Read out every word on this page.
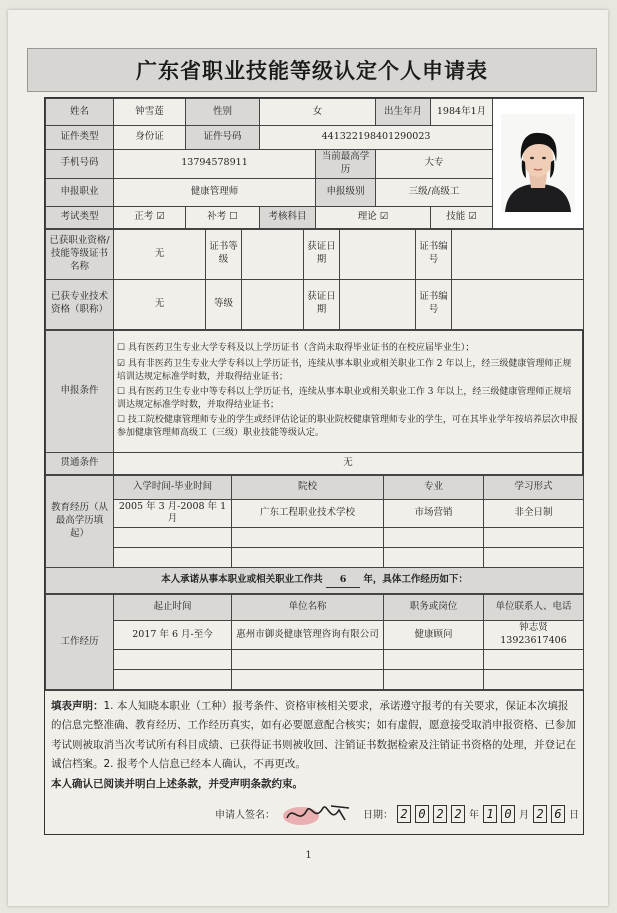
广东省职业技能等级认定个人申请表
姓名	钟雪莲	性别	女		出生年月	1984年1月	

证件类型	身份证	证件号码	441322198401290023				
手机号码	13794578911			当前最高学历	大专		
申报职业	健康管理师			申报级别	三级/高级工		
考试类型	正考 ☑	补考 ☐	考核科目	理论 ☑		技能 ☑	
已获职业资格/技能等级证书名称	无	证书等级		获证日期		证书编号	
已获专业技术资格（职称）	无	等级		获证日期		证书编号	
申报条件	☐ 具有医药卫生专业大学专科及以上学历证书（含尚未取得毕业证书的在校应届毕业生）；

☑ 具有非医药卫生专业大学专科以上学历证书，连续从事本职业或相关职业工作 2 年以上，经三级健康管理师正规培训达规定标准学时数，并取得结业证书；

☐ 具有医药卫生专业中等专科以上学历证书，连续从事本职业或相关职业工作 3 年以上，经三级健康管理师正规培训达规定标准学时数，并取得结业证书；

☐ 技工院校健康管理师专业的学生或经评估论证的职业院校健康管理师专业的学生，可在其毕业学年按培养层次申报参加健康管理师高级工（三级）职业技能等级认定。

贯通条件	无
教育经历（从最高学历填起）	入学时间-毕业时间	院校	专业	学习形式
	2005 年 3 月-2008 年 1 月	广东工程职业技术学校	市场营销	非全日制

本人承诺从事本职业或相关职业工作共 6 年，具体工作经历如下：				
工作经历	起止时间	单位名称	职务或岗位	单位联系人、电话
	2017 年 6 月-至今	惠州市御炎健康管理咨询有限公司	健康顾问	钟志贤 13923617406

填表声明：1. 本人知晓本职业（工种）报考条件、资格审核相关要求，承诺遵守报考的有关要求，保证本次填报的信息完整准确、教育经历、工作经历真实，如有必要愿意配合核实；如有虚假，愿意接受取消申报资格、已参加考试则被取消当次考试所有科目成绩、已获得证书则被收回、注销证书数据检索及注销证书资格的处理，并登记在诚信档案。2. 报考个人信息已经本人确认，不再更改。
本人确认已阅读并明白上述条款，并受声明条款约束。
申请人签名：	日期： 2 0 2 2 年 1 0 月 2 6 日
1
